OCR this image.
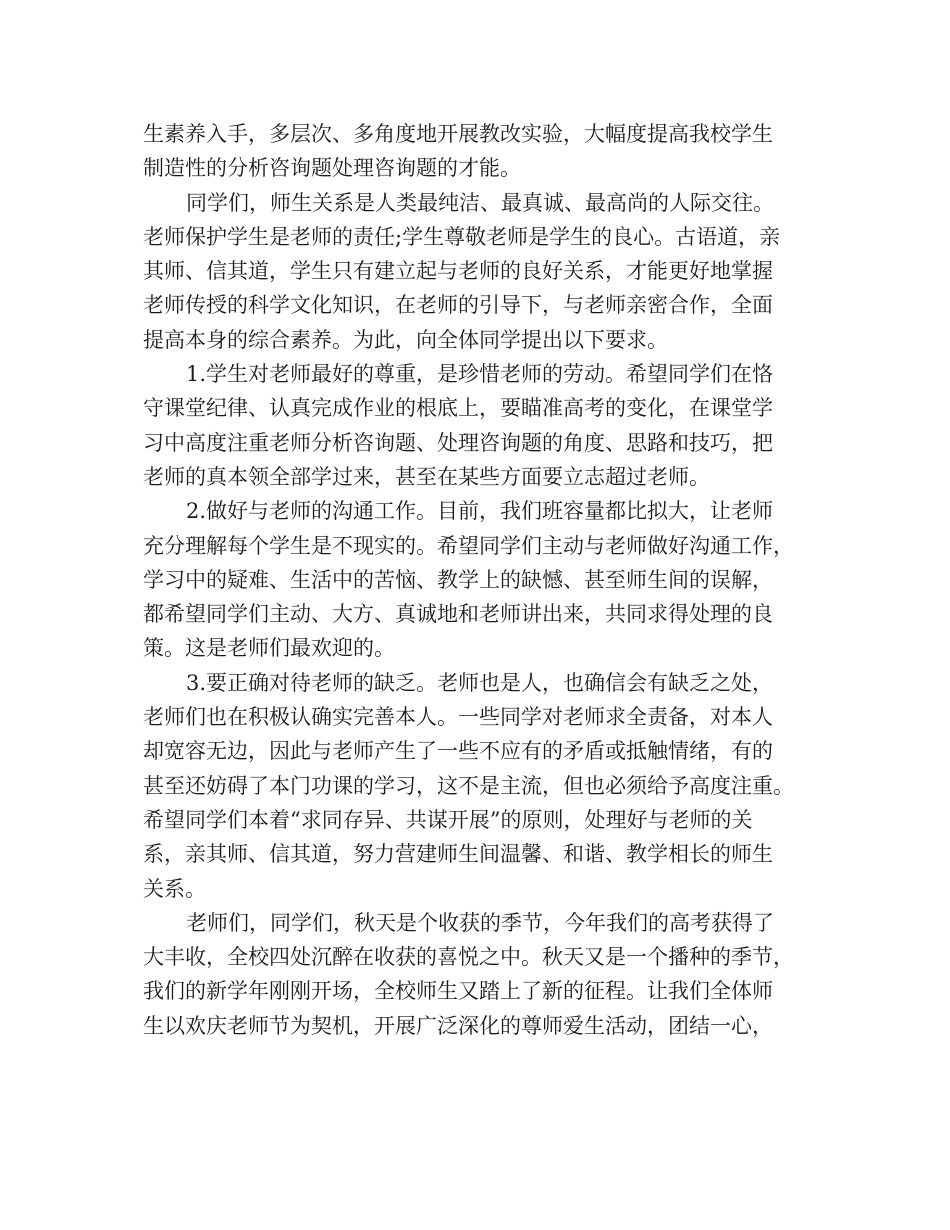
生素养入手，多层次、多角度地开展教改实验，大幅度提高我校学生
制造性的分析咨询题处理咨询题的才能。
同学们，师生关系是人类最纯洁、最真诚、最高尚的人际交往。
老师保护学生是老师的责任;学生尊敬老师是学生的良心。古语道，亲
其师、信其道，学生只有建立起与老师的良好关系，才能更好地掌握
老师传授的科学文化知识，在老师的引导下，与老师亲密合作，全面
提高本身的综合素养。为此，向全体同学提出以下要求。
1.学生对老师最好的尊重，是珍惜老师的劳动。希望同学们在恪
守课堂纪律、认真完成作业的根底上，要瞄准高考的变化，在课堂学
习中高度注重老师分析咨询题、处理咨询题的角度、思路和技巧，把
老师的真本领全部学过来，甚至在某些方面要立志超过老师。
2.做好与老师的沟通工作。目前，我们班容量都比拟大，让老师
充分理解每个学生是不现实的。希望同学们主动与老师做好沟通工作，
学习中的疑难、生活中的苦恼、教学上的缺憾、甚至师生间的误解，
都希望同学们主动、大方、真诚地和老师讲出来，共同求得处理的良
策。这是老师们最欢迎的。
3.要正确对待老师的缺乏。老师也是人，也确信会有缺乏之处，
老师们也在积极认确实完善本人。一些同学对老师求全责备，对本人
却宽容无边，因此与老师产生了一些不应有的矛盾或抵触情绪，有的
甚至还妨碍了本门功课的学习，这不是主流，但也必须给予高度注重。
希望同学们本着“求同存异、共谋开展”的原则，处理好与老师的关
系，亲其师、信其道，努力营建师生间温馨、和谐、教学相长的师生
关系。
老师们，同学们，秋天是个收获的季节，今年我们的高考获得了
大丰收，全校四处沉醉在收获的喜悦之中。秋天又是一个播种的季节，
我们的新学年刚刚开场，全校师生又踏上了新的征程。让我们全体师
生以欢庆老师节为契机，开展广泛深化的尊师爱生活动，团结一心，
